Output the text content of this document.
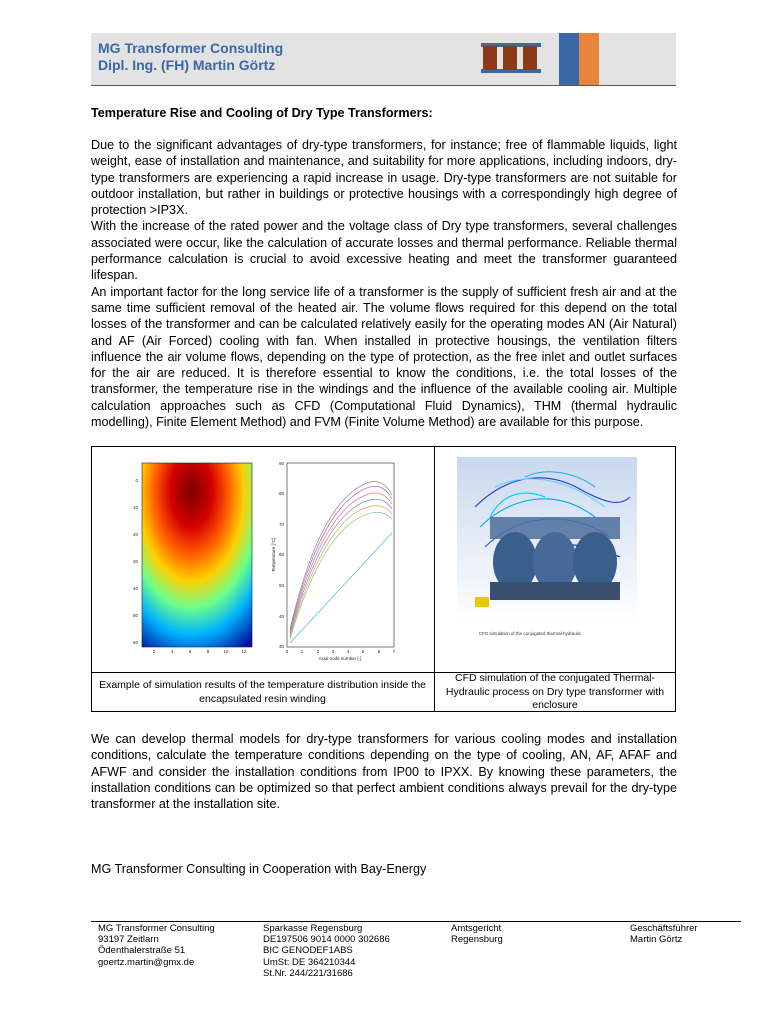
MG Transformer Consulting
Dipl. Ing. (FH) Martin Görtz
Temperature Rise and Cooling of Dry Type Transformers:

Due to the significant advantages of dry-type transformers, for instance; free of flammable liquids, light weight, ease of installation and maintenance, and suitability for more applications, including indoors, dry-type transformers are experiencing a rapid increase in usage. Dry-type transformers are not suitable for outdoor installation, but rather in buildings or protective housings with a correspondingly high degree of protection >IP3X.

With the increase of the rated power and the voltage class of Dry type transformers, several challenges associated were occur, like the calculation of accurate losses and thermal performance. Reliable thermal performance calculation is crucial to avoid excessive heating and meet the transformer guaranteed lifespan.

An important factor for the long service life of a transformer is the supply of sufficient fresh air and at the same time sufficient removal of the heated air. The volume flows required for this depend on the total losses of the transformer and can be calculated relatively easily for the operating modes AN (Air Natural) and AF (Air Forced) cooling with fan. When installed in protective housings, the ventilation filters influence the air volume flows, depending on the type of protection, as the free inlet and outlet surfaces for the air are reduced. It is therefore essential to know the conditions, i.e. the total losses of the transformer, the temperature rise in the windings and the influence of the available cooling air. Multiple calculation approaches such as CFD (Computational Fluid Dynamics), THM (thermal hydraulic modelling), Finite Element Method) and FVM (Finite Volume Method) are available for this purpose.

0
10
20
30
40
50
60
2	4	6	8	10	12
30
40
50
60
70
80
90
0	1	2	3	4	5	6	7
Temperature [°C]
Axial node number [-]
CFD simulation of the conjugated thermal-hydraulic
Example of simulation results of the temperature distribution inside the encapsulated resin winding
CFD simulation of the conjugated Thermal-Hydraulic process on Dry type transformer with enclosure
We can develop thermal models for dry-type transformers for various cooling modes and installation conditions, calculate the temperature conditions depending on the type of cooling, AN, AF, AFAF and AFWF and consider the installation conditions from IP00 to IPXX. By knowing these parameters, the installation conditions can be optimized so that perfect ambient conditions always prevail for the dry-type transformer at the installation site.
MG Transformer Consulting in Cooperation with Bay-Energy
MG Transformer Consulting
93197 Zeitlarn
Ödenthalerstraße 51
goertz.martin@gmx.de
Sparkasse Regensburg
DE197506 9014 0000 302686
BIC GENODEF1ABS
UmSt: DE 364210344
St.Nr. 244/221/31686
Amtsgericht
Regensburg
Geschäftsführer
Martin Görtz
